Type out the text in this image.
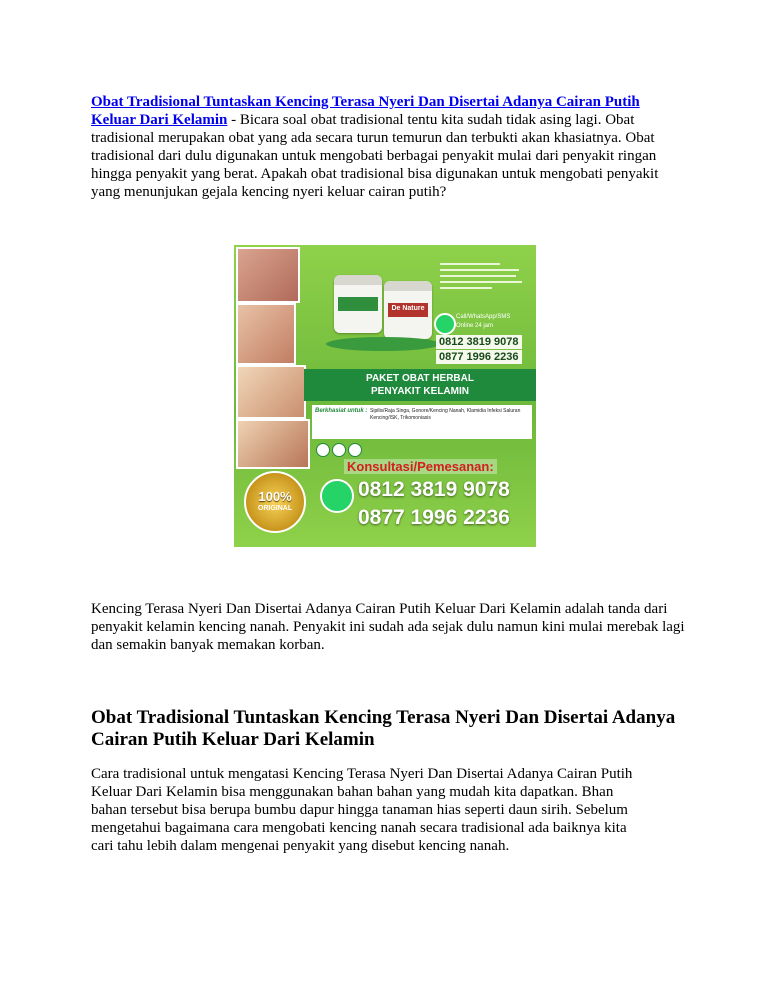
Obat Tradisional Tuntaskan Kencing Terasa Nyeri Dan Disertai Adanya Cairan Putih Keluar Dari Kelamin - Bicara soal obat tradisional tentu kita sudah tidak asing lagi. Obat tradisional merupakan obat yang ada secara turun temurun dan terbukti akan khasiatnya. Obat tradisional dari dulu digunakan untuk mengobati berbagai penyakit mulai dari penyakit ringan hingga penyakit yang berat. Apakah obat tradisional bisa digunakan untuk mengobati penyakit yang menunjukan gejala kencing nyeri keluar cairan putih?

De Nature
Call/WhatsApp/SMS
Online 24 jam
0812 3819 9078
0877 1996 2236
PAKET OBAT HERBAL
PENYAKIT KELAMIN
Berkhasiat untuk : Sipilis/Raja Singa, Gonore/Kencing Nanah, Klamidia Infeksi Saluran Kencing/ISK, Trikomoniasis
Konsultasi/Pemesanan:
0812 3819 9078
0877 1996 2236
100%
ORIGINAL

Kencing Terasa Nyeri Dan Disertai Adanya Cairan Putih Keluar Dari Kelamin adalah tanda dari penyakit kelamin kencing nanah. Penyakit ini sudah ada sejak dulu namun kini mulai merebak lagi dan semakin banyak memakan korban.

Obat Tradisional Tuntaskan Kencing Terasa Nyeri Dan Disertai Adanya Cairan Putih Keluar Dari Kelamin

Cara tradisional untuk mengatasi Kencing Terasa Nyeri Dan Disertai Adanya Cairan Putih Keluar Dari Kelamin bisa menggunakan bahan bahan yang mudah kita dapatkan. Bhan bahan tersebut bisa berupa bumbu dapur hingga tanaman hias seperti daun sirih. Sebelum mengetahui bagaimana cara mengobati kencing nanah secara tradisional ada baiknya kita cari tahu lebih dalam mengenai penyakit yang disebut kencing nanah.
